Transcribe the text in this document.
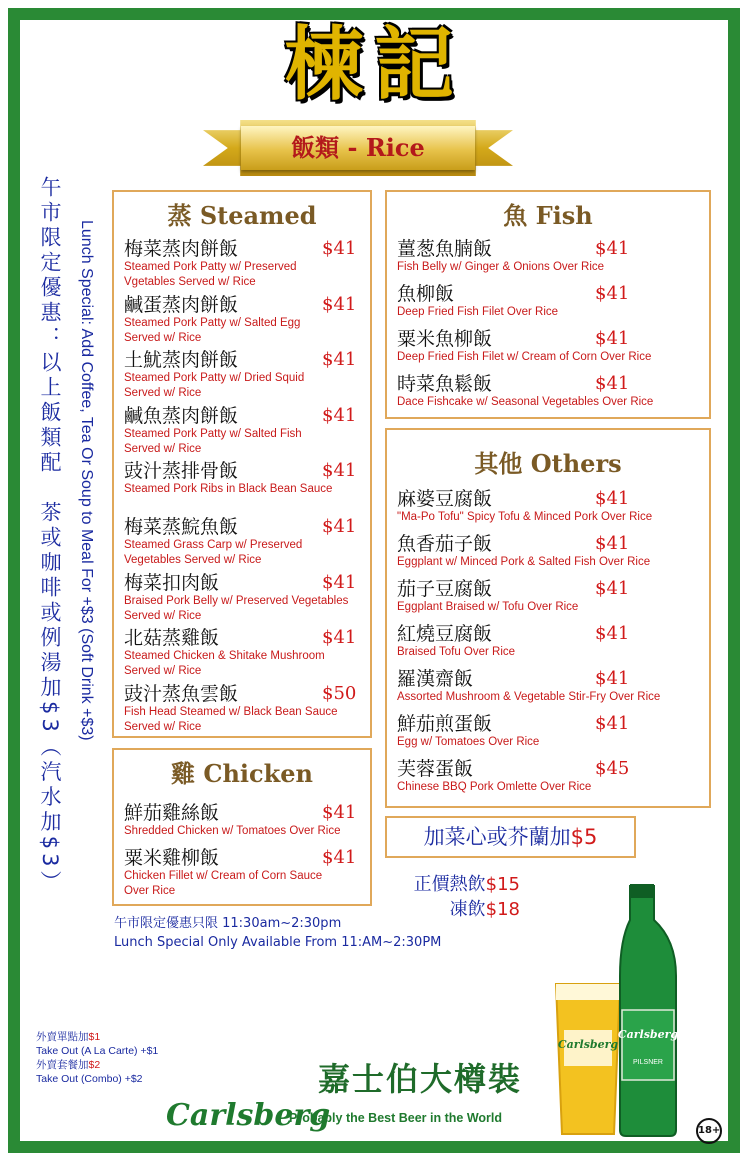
楝記
飯類 - Rice
午市限定優惠：以上飯類配　茶或咖啡或例湯加$3（汽水加$3） Lunch Special: Add Coffee, Tea Or Soup to Meal For +$3 (Soft Drink +$3)
蒸 Steamed
梅菜蒸肉餅飯	$41
Steamed Pork Patty w/ Preserved
Vgetables Served w/ Rice
鹹蛋蒸肉餅飯	$41
Steamed Pork Patty w/ Salted Egg
Served w/ Rice
土魷蒸肉餅飯	$41
Steamed Pork Patty w/ Dried Squid
Served w/ Rice
鹹魚蒸肉餅飯	$41
Steamed Pork Patty w/ Salted Fish
Served w/ Rice
豉汁蒸排骨飯	$41
Steamed Pork Ribs in Black Bean Sauce
梅菜蒸鯇魚飯	$41
Steamed Grass Carp w/ Preserved
Vegetables Served w/ Rice
梅菜扣肉飯	$41
Braised Pork Belly w/ Preserved Vegetables
Served w/ Rice
北菇蒸雞飯	$41
Steamed Chicken & Shitake Mushroom
Served w/ Rice
豉汁蒸魚雲飯	$50
Fish Head Steamed w/ Black Bean Sauce
Served w/ Rice
雞 Chicken
鮮茄雞絲飯	$41
Shredded Chicken w/ Tomatoes Over Rice
粟米雞柳飯	$41
Chicken Fillet w/ Cream of Corn Sauce
Over Rice
魚 Fish
薑葱魚腩飯	$41
Fish Belly w/ Ginger & Onions Over Rice
魚柳飯	$41
Deep Fried Fish Filet Over Rice
粟米魚柳飯	$41
Deep Fried Fish Filet w/ Cream of Corn Over Rice
時菜魚鬆飯	$41
Dace Fishcake w/ Seasonal Vegetables Over Rice
其他 Others
麻婆豆腐飯	$41
"Ma-Po Tofu" Spicy Tofu & Minced Pork Over Rice
魚香茄子飯	$41
Eggplant w/ Minced Pork & Salted Fish Over Rice
茄子豆腐飯	$41
Eggplant Braised w/ Tofu Over Rice
紅燒豆腐飯	$41
Braised Tofu Over Rice
羅漢齋飯	$41
Assorted Mushroom & Vegetable Stir-Fry Over Rice
鮮茄煎蛋飯	$41
Egg w/ Tomatoes Over Rice
芙蓉蛋飯	$45
Chinese BBQ Pork Omlette Over Rice
加菜心或芥蘭加$5
正價熱飲$15
凍飲$18
午市限定優惠只限 11:30am~2:30pm
Lunch Special Only Available From 11:AM~2:30PM
外賣單點加$1
Take Out (A La Carte) +$1
外賣套餐加$2
Take Out (Combo) +$2	嘉士伯大樽裝
Carlsberg
Probably the Best Beer in the World
Carlsberg
Carlsberg
PILSNER
18+
